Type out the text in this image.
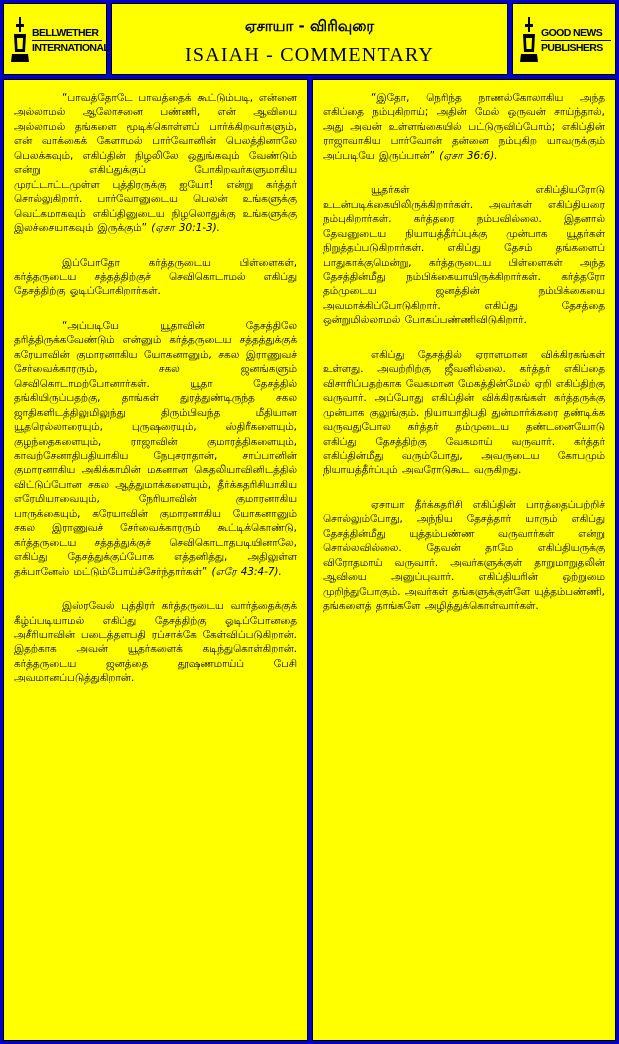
BELLWETHER
INTERNATIONAL
ஏசாயா - விரிவுரை
ISAIAH - COMMENTARY
GOOD NEWS
PUBLISHERS

“பாவத்தோடே பாவத்தைக் கூட்டும்படி, என்னை அல்லாமல் ஆலோசனை பண்ணி, என் ஆவியை அல்லாமல் தங்களை மூடிக்கொள்ளப் பார்க்கிறவர்களும், என் வாக்கைக் கேளாமல் பார்வோனின் பெலத்தினாலே பெலக்கவும், எகிப்தின் நிழலிலே ஒதுங்கவும் வேண்டும் என்று எகிப்துக்குப் போகிறவர்களுமாகிய முரட்டாட்டமுள்ள புத்திரருக்கு ஐயோ! என்று கர்த்தர் சொல்லுகிறார். பார்வோனுடைய பெலன் உங்களுக்கு வெட்கமாகவும் எகிப்தினுடைய நிழலொதுக்கு உங்களுக்கு இலச்சையாகவும் இருக்கும்” (ஏசா 30:1-3).

இப்போதோ கர்த்தருடைய பிள்ளைகள், கர்த்தருடைய சத்தத்திற்குச் செவிகொடாமல் எகிப்து தேசத்திற்கு ஓடிப்போகிறார்கள்.

“அப்படியே யூதாவின் தேசத்திலே தரித்திருக்கவேண்டும் என்னும் கர்த்தருடைய சத்தத்துக்குக் கரேயாவின் குமாரனாகிய யோகனானும், சகல இராணுவச் சேர்வைக்காரரும், சகல ஜனங்களும் செவிகொடாமற்போனார்கள். யூதா தேசத்தில் தங்கியிருப்பதற்கு, தாங்கள் துரத்துண்டிருந்த சகல ஜாதிகளிடத்திலுமிலுந்து திரும்பிவந்த மீதியான யூதரெல்லாரையும், புருஷரையும், ஸ்திரீகளையும், குழந்தைகளையும், ராஜாவின் குமாரத்திகளையும், காவற்சேனாதிபதியாகிய நேபுசராதான், சாப்பானின் குமாரனாகிய அகிக்காமின் மகனான கெதலியாவினிடத்தில் விட்டுப்போன சகல ஆத்துமாக்களையும், தீர்க்கதரிசியாகிய எரேமியாவையும், நேரியாவின் குமாரனாகிய பாருக்கையும், கரேயாவின் குமாரனாகிய யோகனானும் சகல இராணுவச் சேர்வைக்காரரும் கூட்டிக்கொண்டு, கர்த்தருடைய சத்தத்துக்குச் செவிகொடாதபடியினாலே, எகிப்து தேசத்துக்குப்போக எத்தனித்து, அதிலுள்ள தக்பானேஸ் மட்டும்போய்ச்சேர்ந்தார்கள்” (எரே 43:4-7).

இஸ்ரவேல் புத்திரர் கர்த்தருடைய வார்த்தைக்குக் கீழ்ப்படியாமல் எகிப்து தேசத்திற்கு ஓடிப்போனதை அசீரியாவின் படைத்தளபதி ரப்சாக்கே கேள்விப்படுகிறான். இதற்காக அவன் யூதர்களைக் கடிந்துகொள்கிறான். கர்த்தருடைய ஜனத்தை தூஷணமாய்ப் பேசி அவமானப்படுத்துகிறான்.

“இதோ, நெரிந்த நாணல்கோலாகிய அந்த எகிப்தை நம்புகிறாய்; அதின் மேல் ஒருவன் சாய்ந்தால், அது அவன் உள்ளங்கையில் பட்டுருவிப்போம்; எகிப்தின் ராஜாவாகிய பார்வோன் தன்னை நம்புகிற யாவருக்கும் அப்படியே இருப்பான்” (ஏசா 36:6).

யூதர்கள் எகிப்தியரோடு உடன்படிக்கையிலிருக்கிறார்கள். அவர்கள் எகிப்தியரை நம்புகிறார்கள். கர்த்தரை நம்பவில்லை. இதனால் தேவனுடைய நியாயத்தீர்ப்புக்கு முன்பாக யூதர்கள் நிறுத்தப்படுகிறார்கள். எகிப்து தேசம் தங்களைப் பாதுகாக்குமென்று, கர்த்தருடைய பிள்ளைகள் அந்த தேசத்தின்மீது நம்பிக்கையாயிருக்கிறார்கள். கர்த்தரோ தம்முடைய ஜனத்தின் நம்பிக்கையை அவமாக்கிப்போடுகிறார். எகிப்து தேசத்தை ஒன்றுமில்லாமல் போகப்பண்ணிவிடுகிறார்.

எகிப்து தேசத்தில் ஏராளமான விக்கிரகங்கள் உள்ளது. அவற்றிற்கு ஜீவனில்லை. கர்த்தர் எகிப்தை விசாரிப்பதற்காக வேகமான மேகத்தின்மேல் ஏறி எகிப்திற்கு வருவார். அப்போது எகிப்தின் விக்கிரகங்கள் கர்த்தருக்கு முன்பாக குலுங்கும். நியாயாதிபதி துன்மார்க்கரை தண்டிக்க வருவதுபோல கர்த்தர் தம்முடைய தண்டனையோடு எகிப்து தேசத்திற்கு வேகமாய் வருவார். கர்த்தர் எகிப்தின்மீது வரும்போது, அவருடைய கோபமும் நியாயத்தீர்ப்பும் அவரோடுகூட வருகிறது.

ஏசாயா தீர்க்கதரிசி எகிப்தின் பாரத்தைப்பற்றிச் சொல்லும்போது, அந்நிய தேசத்தார் யாரும் எகிப்து தேசத்தின்மீது யுத்தம்பண்ண வருவார்கள் என்று சொல்லவில்லை. தேவன் தாமே எகிப்தியருக்கு விரோதமாய் வருவார். அவர்களுக்குள் தாறுமாறுதலின் ஆவியை அனுப்புவார். எகிப்தியரின் ஒற்றுமை முறிந்துபோகும். அவர்கள் தங்களுக்குள்ளே யுத்தம்பண்ணி, தங்களைத் தாங்களே அழித்துக்கொள்வார்கள்.
